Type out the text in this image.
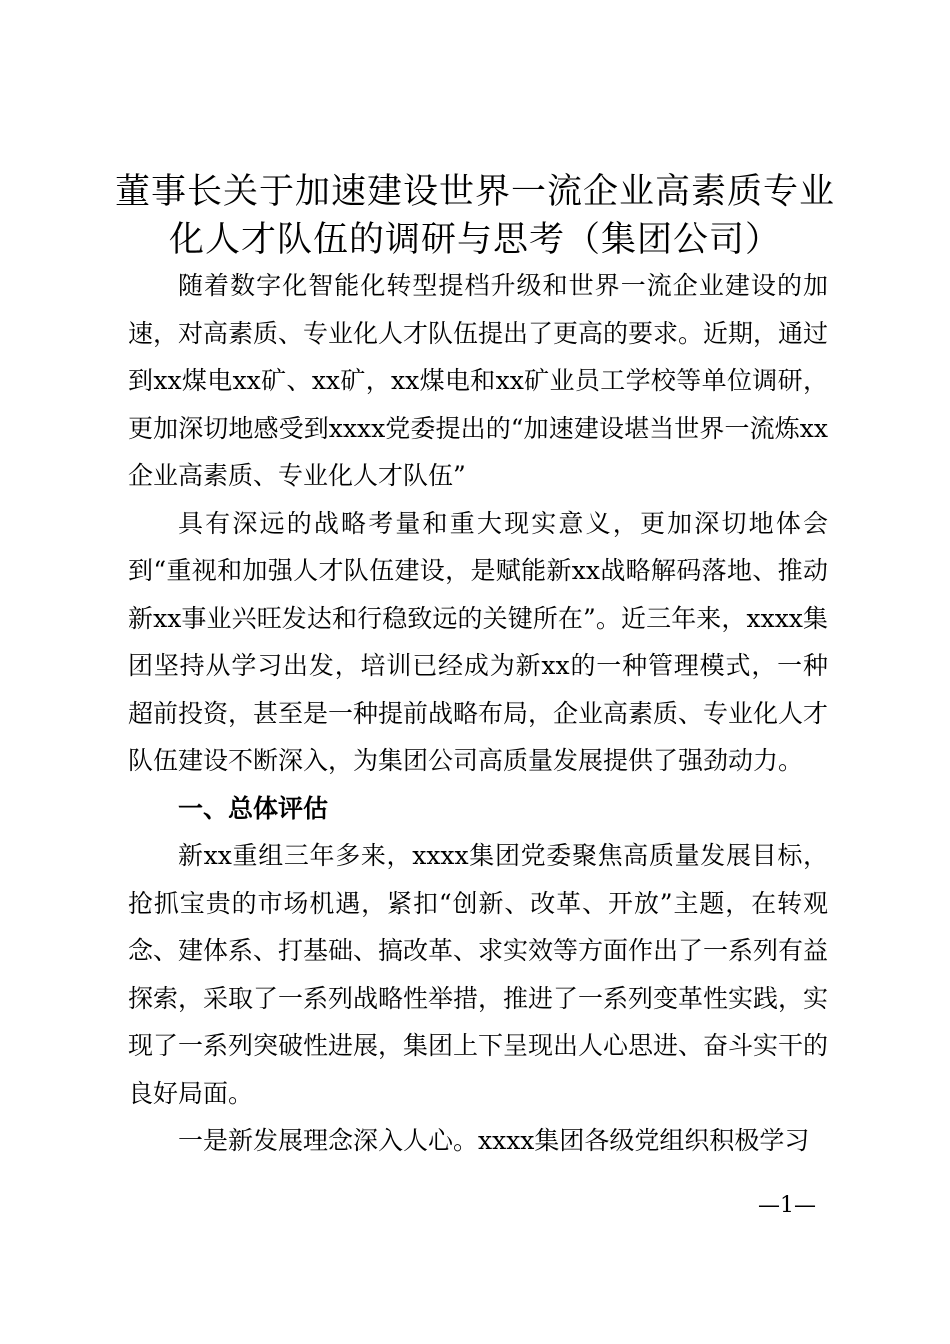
董事长关于加速建设世界一流企业高素质专业
化人才队伍的调研与思考（集团公司）

随着数字化智能化转型提档升级和世界一流企业建设的加速，对高素质、专业化人才队伍提出了更高的要求。近期，通过到xx煤电xx矿、xx矿，xx煤电和xx矿业员工学校等单位调研，更加深切地感受到xxxx党委提出的“加速建设堪当世界一流炼xx企业高素质、专业化人才队伍”

具有深远的战略考量和重大现实意义，更加深切地体会到“重视和加强人才队伍建设，是赋能新xx战略解码落地、推动新xx事业兴旺发达和行稳致远的关键所在”。近三年来，xxxx集团坚持从学习出发，培训已经成为新xx的一种管理模式，一种超前投资，甚至是一种提前战略布局，企业高素质、专业化人才队伍建设不断深入，为集团公司高质量发展提供了强劲动力。

一、总体评估

新xx重组三年多来，xxxx集团党委聚焦高质量发展目标，抢抓宝贵的市场机遇，紧扣“创新、改革、开放”主题，在转观念、建体系、打基础、搞改革、求实效等方面作出了一系列有益探索，采取了一系列战略性举措，推进了一系列变革性实践，实现了一系列突破性进展，集团上下呈现出人心思进、奋斗实干的良好局面。

一是新发展理念深入人心。xxxx集团各级党组织积极学习

—1—
